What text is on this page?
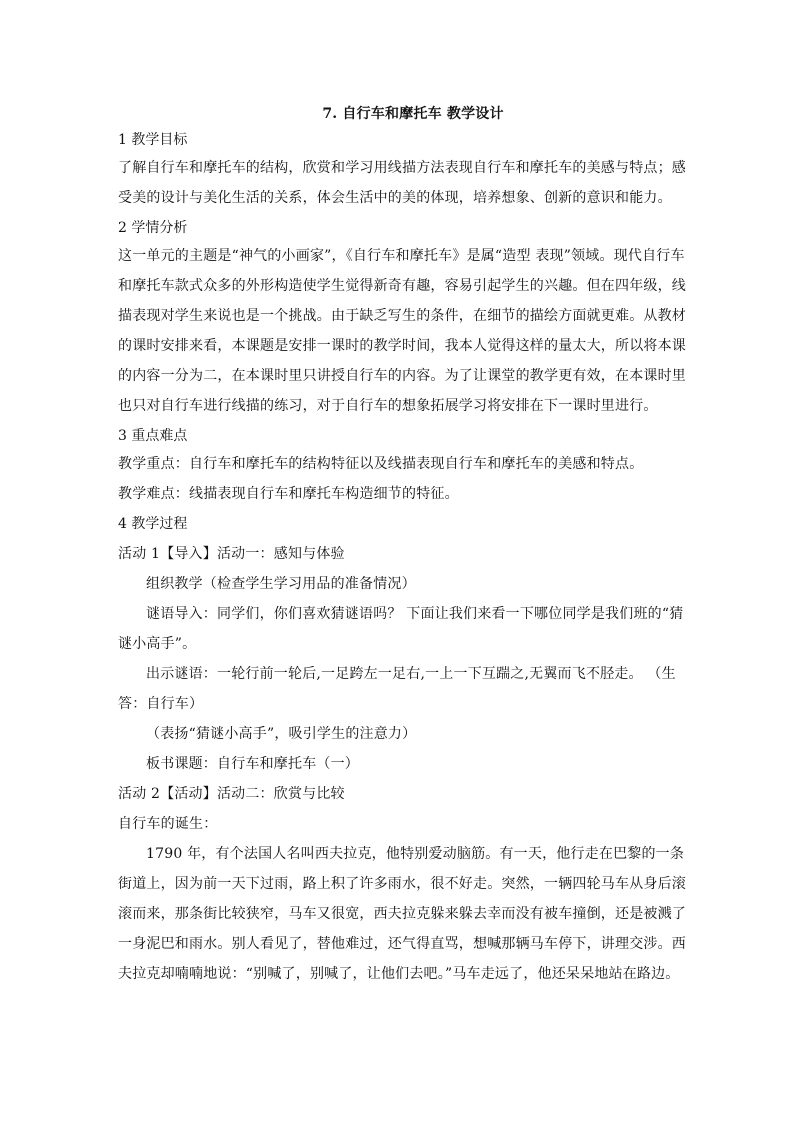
7. 自行车和摩托车 教学设计
1 教学目标

了解自行车和摩托车的结构，欣赏和学习用线描方法表现自行车和摩托车的美感与特点；感受美的设计与美化生活的关系，体会生活中的美的体现，培养想象、创新的意识和能力。

2 学情分析

这一单元的主题是“神气的小画家”，《自行车和摩托车》是属“造型 表现”领域。现代自行车和摩托车款式众多的外形构造使学生觉得新奇有趣，容易引起学生的兴趣。但在四年级，线描表现对学生来说也是一个挑战。由于缺乏写生的条件，在细节的描绘方面就更难。从教材的课时安排来看，本课题是安排一课时的教学时间，我本人觉得这样的量太大，所以将本课的内容一分为二，在本课时里只讲授自行车的内容。为了让课堂的教学更有效，在本课时里也只对自行车进行线描的练习，对于自行车的想象拓展学习将安排在下一课时里进行。

3 重点难点

教学重点：自行车和摩托车的结构特征以及线描表现自行车和摩托车的美感和特点。

教学难点：线描表现自行车和摩托车构造细节的特征。

4 教学过程

活动 1【导入】活动一：感知与体验

组织教学（检查学生学习用品的准备情况）

谜语导入：同学们，你们喜欢猜谜语吗？ 下面让我们来看一下哪位同学是我们班的“猜谜小高手”。

出示谜语：一轮行前一轮后,一足跨左一足右,一上一下互踹之,无翼而飞不胫走。 （生答：自行车）

（表扬“猜谜小高手”，吸引学生的注意力）

板书课题：自行车和摩托车（一）

活动 2【活动】活动二：欣赏与比较

自行车的诞生：

1790 年，有个法国人名叫西夫拉克，他特别爱动脑筋。有一天，他行走在巴黎的一条街道上，因为前一天下过雨，路上积了许多雨水，很不好走。突然，一辆四轮马车从身后滚滚而来，那条街比较狭窄，马车又很宽，西夫拉克躲来躲去幸而没有被车撞倒，还是被溅了一身泥巴和雨水。别人看见了，替他难过，还气得直骂，想喊那辆马车停下，讲理交涉。西夫拉克却喃喃地说：“别喊了，别喊了，让他们去吧。”马车走远了，他还呆呆地站在路边。
